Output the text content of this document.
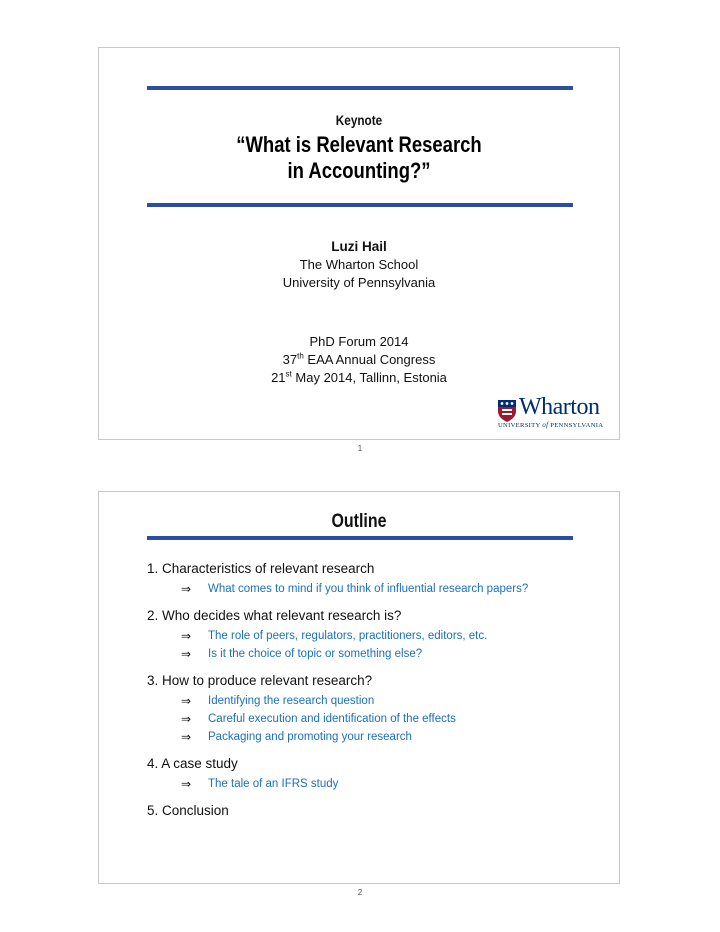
Keynote
“What is Relevant Research
in Accounting?”
Luzi Hail
The Wharton School
University of Pennsylvania
PhD Forum 2014
37th EAA Annual Congress
21st May 2014, Tallinn, Estonia
Wharton
UNIVERSITY of PENNSYLVANIA
1
Outline
1. Characteristics of relevant research
⇒ What comes to mind if you think of influential research papers?
2. Who decides what relevant research is?
⇒ The role of peers, regulators, practitioners, editors, etc.
⇒ Is it the choice of topic or something else?
3. How to produce relevant research?
⇒ Identifying the research question
⇒ Careful execution and identification of the effects
⇒ Packaging and promoting your research
4. A case study
⇒ The tale of an IFRS study
5. Conclusion
2
